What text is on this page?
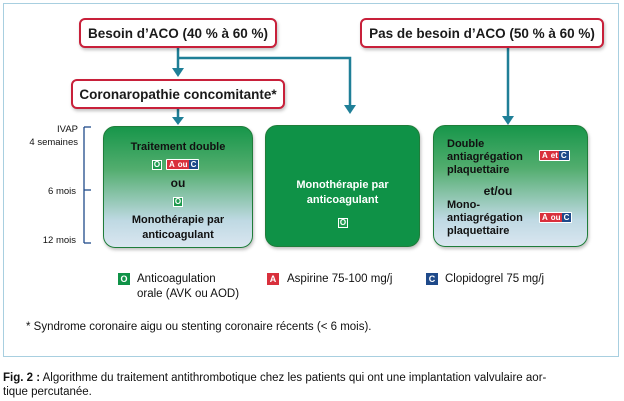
Besoin d’ACO (40 % à 60 %)	Pas de besoin d’ACO (50 % à 60 %)
Coronaropathie concomitante*
IVAP
4 semaines
6 mois
12 mois
Traitement double
O	A ou C
ou
O
Monothérapie par
anticoagulant
Monothérapie par
anticoagulant
O
Double
antiagrégation
plaquettaire
A et C
et/ou
Mono-
antiagrégation
plaquettaire
A ou C
O Anticoagulation
orale (AVK ou AOD)
A Aspirine 75-100 mg/j	C Clopidogrel 75 mg/j
* Syndrome coronaire aigu ou stenting coronaire récents (< 6 mois).
Fig. 2 : Algorithme du traitement antithrombotique chez les patients qui ont une implantation valvulaire aor-
tique percutanée.
